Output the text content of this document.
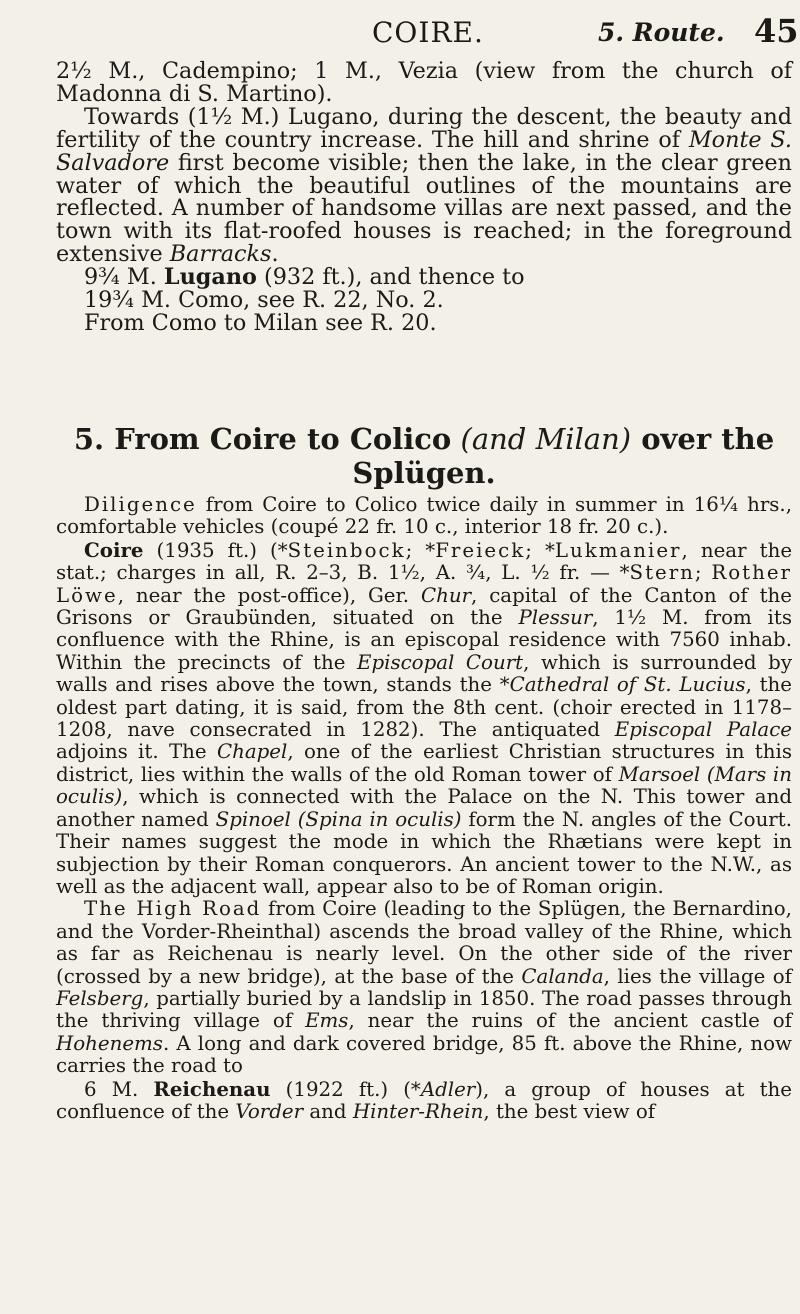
COIRE.	5. Route. 45

2½ M., Cadempino; 1 M., Vezia (view from the church of Madonna di S. Martino).

Towards (1½ M.) Lugano, during the descent, the beauty and fertility of the country increase. The hill and shrine of Monte S. Salvadore first become visible; then the lake, in the clear green water of which the beautiful outlines of the mountains are reflected. A number of handsome villas are next passed, and the town with its flat-roofed houses is reached; in the foreground extensive Barracks.

9¾ M. Lugano (932 ft.), and thence to

19¾ M. Como, see R. 22, No. 2.

From Como to Milan see R. 20.

5. From Coire to Colico (and Milan) over the
Splügen.

Diligence from Coire to Colico twice daily in summer in 16¼ hrs., comfortable vehicles (coupé 22 fr. 10 c., interior 18 fr. 20 c.).

Coire (1935 ft.) (*Steinbock; *Freieck; *Lukmanier, near the stat.; charges in all, R. 2–3, B. 1½, A. ¾, L. ½ fr. — *Stern; Rother Löwe, near the post-office), Ger. Chur, capital of the Canton of the Grisons or Graubünden, situated on the Plessur, 1½ M. from its confluence with the Rhine, is an episcopal residence with 7560 inhab. Within the precincts of the Episcopal Court, which is surrounded by walls and rises above the town, stands the *Cathedral of St. Lucius, the oldest part dating, it is said, from the 8th cent. (choir erected in 1178–1208, nave consecrated in 1282). The antiquated Episcopal Palace adjoins it. The Chapel, one of the earliest Christian structures in this district, lies within the walls of the old Roman tower of Marsoel (Mars in oculis), which is connected with the Palace on the N. This tower and another named Spinoel (Spina in oculis) form the N. angles of the Court. Their names suggest the mode in which the Rhætians were kept in subjection by their Roman conquerors. An ancient tower to the N.W., as well as the adjacent wall, appear also to be of Roman origin.

The High Road from Coire (leading to the Splügen, the Bernardino, and the Vorder-Rheinthal) ascends the broad valley of the Rhine, which as far as Reichenau is nearly level. On the other side of the river (crossed by a new bridge), at the base of the Calanda, lies the village of Felsberg, partially buried by a landslip in 1850. The road passes through the thriving village of Ems, near the ruins of the ancient castle of Hohenems. A long and dark covered bridge, 85 ft. above the Rhine, now carries the road to

6 M. Reichenau (1922 ft.) (*Adler), a group of houses at the confluence of the Vorder and Hinter-Rhein, the best view of
